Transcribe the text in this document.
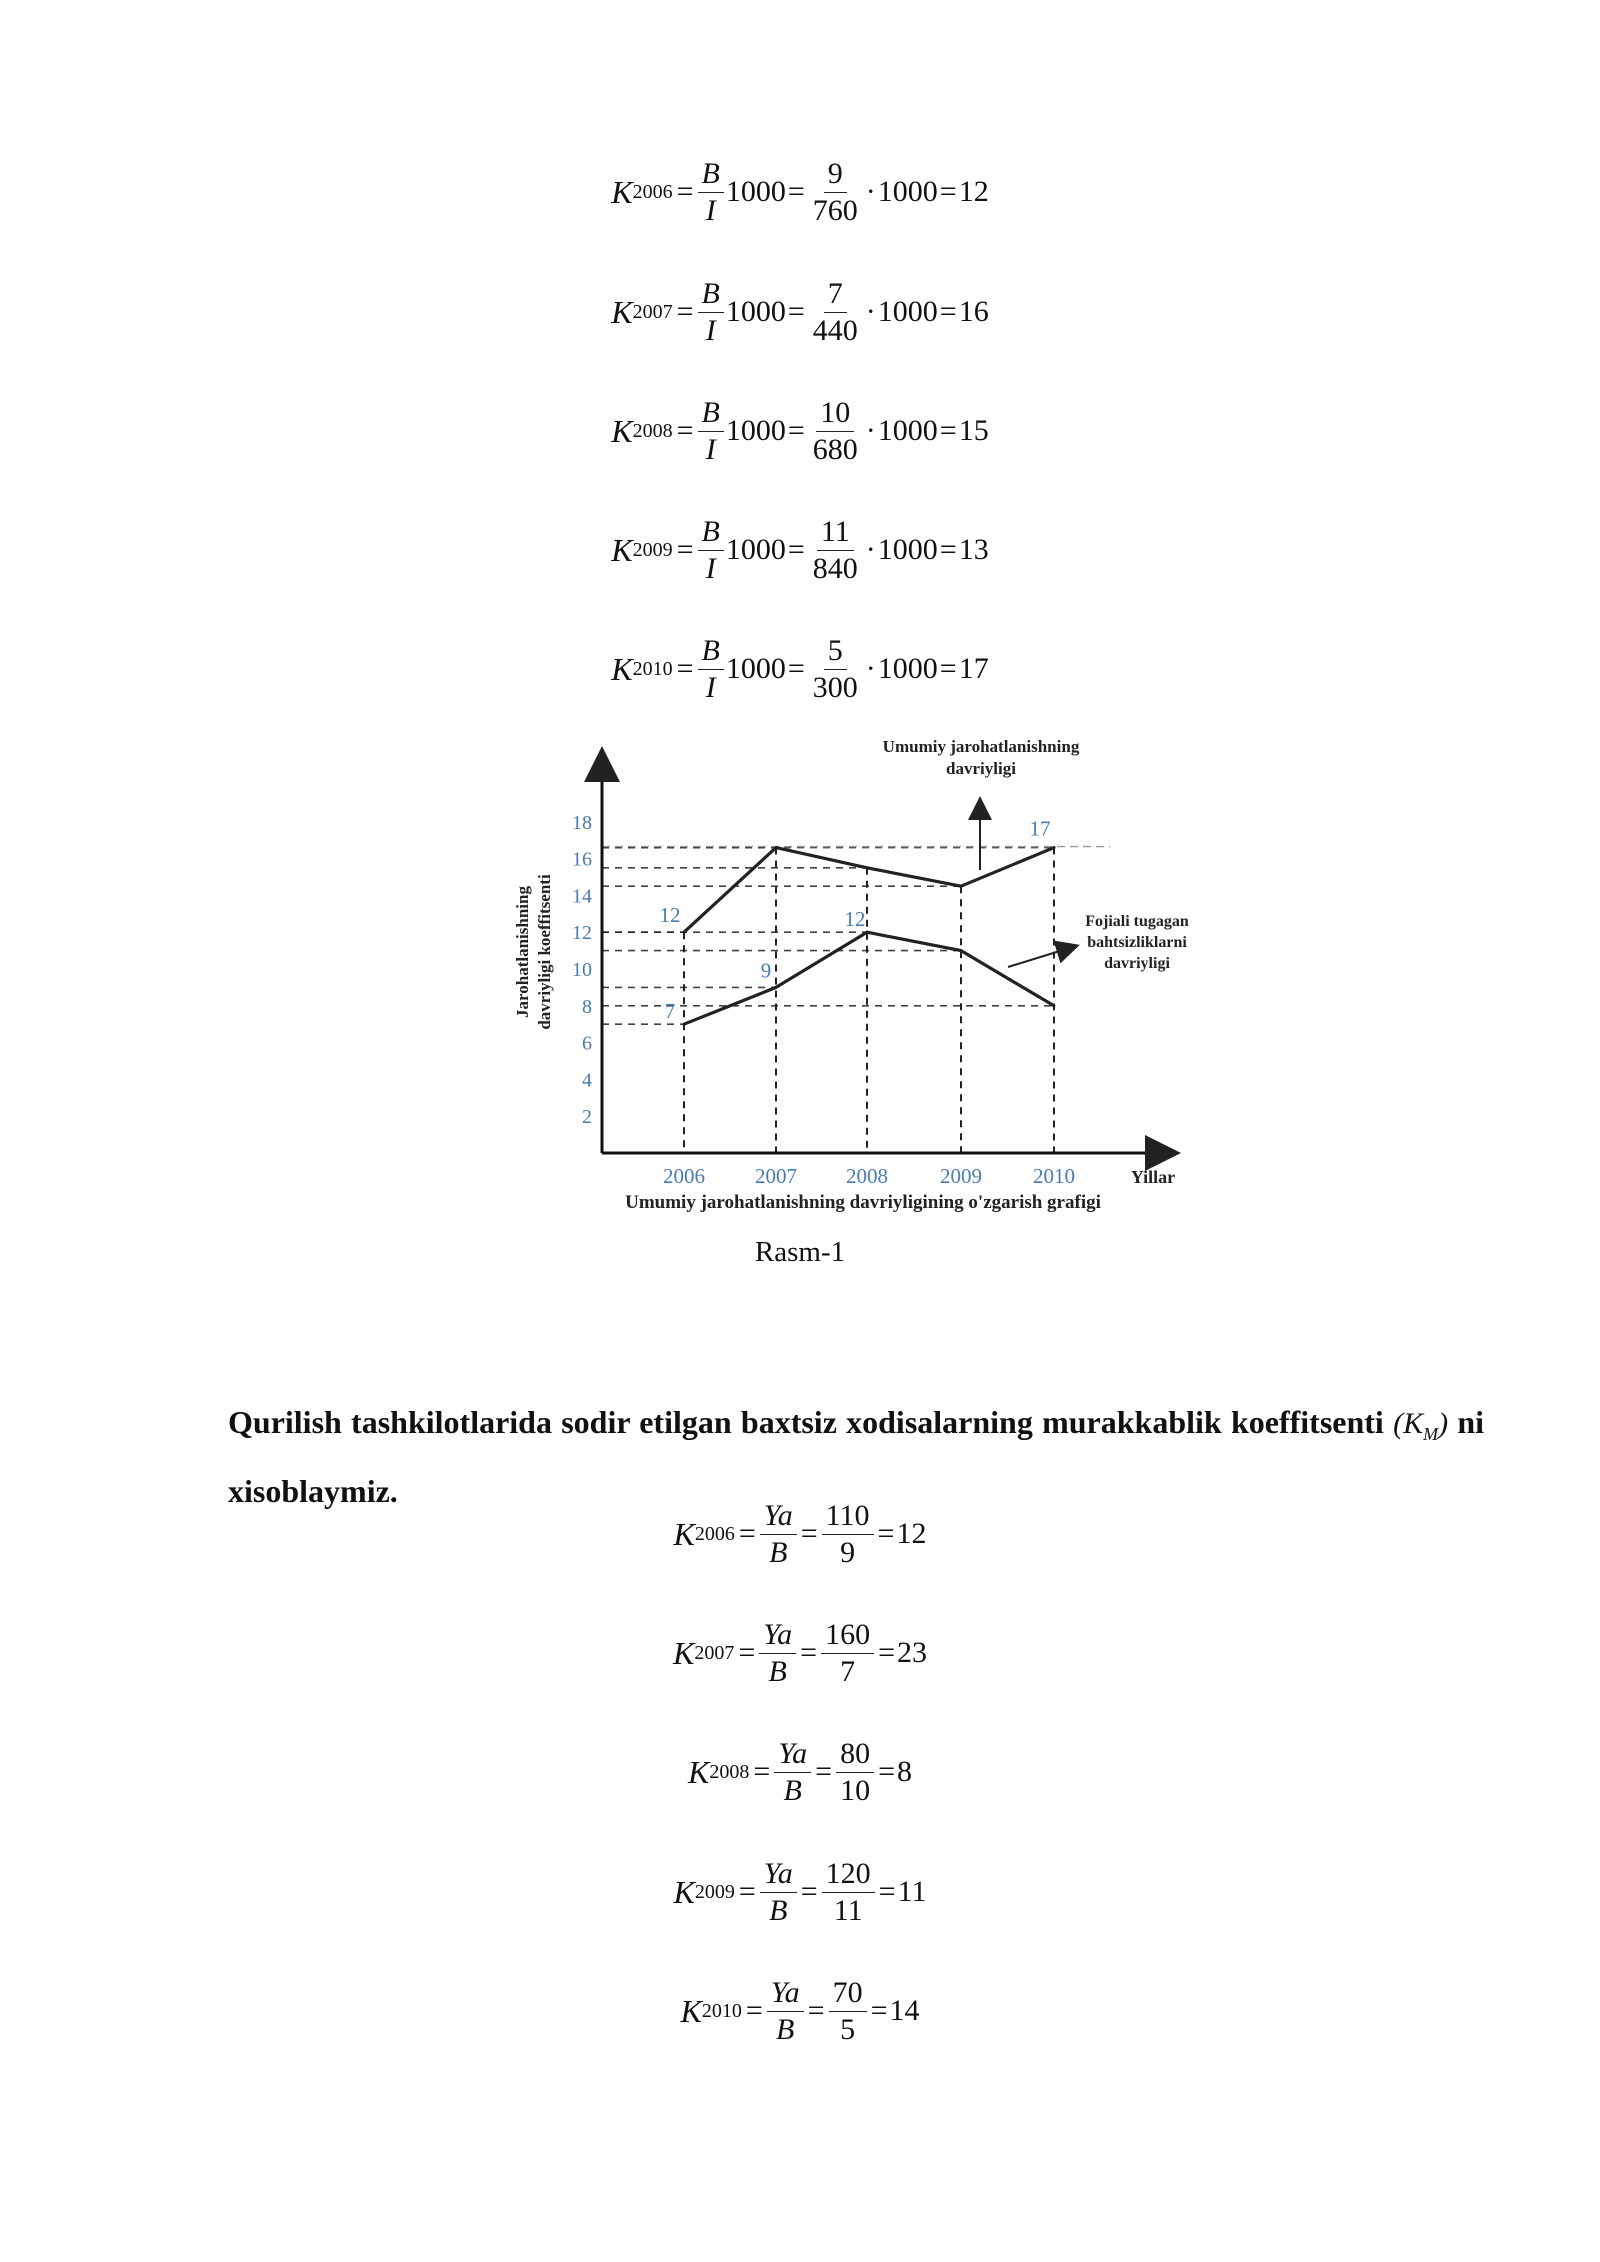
K $2006 = \frac{B}{I} 1000 = \frac{9}{760} \cdot 1000 = 12$
K $2007 = \frac{B}{I} 1000 = \frac{7}{440} \cdot 1000 = 16$
K $2008 = \frac{B}{I} 1000 = \frac{10}{680} \cdot 1000 = 15$
K $2009 = \frac{B}{I} 1000 = \frac{11}{840} \cdot 1000 = 13$
K $2010 = \frac{B}{I} 1000 = \frac{5}{300} \cdot 1000 = 17$
2
4
6
8
10
12
14
16
18
2006 2007 2008 2009 2010
12
17
7
9
12
Umumiy jarohatlanishning
davriyligi
Fojiali tugagan
bahtsizliklarni
davriyligi
Yillar
Jarohatlanishning davriyligi koeffitsenti
Umumiy jarohatlanishning davriyligining o'zgarish grafigi
Rasm-1
Qurilish tashkilotlarida sodir etilgan baxtsiz xodisalarning murakkablik koeffitsenti $(K_M)$ ni xisoblaymiz.
K $2006 = \frac{Ya}{B} = \frac{110}{9} = 12$
K $2007 = \frac{Ya}{B} = \frac{160}{7} = 23$
K $2008 = \frac{Ya}{B} = \frac{80}{10} = 8$
K $2009 = \frac{Ya}{B} = \frac{120}{11} = 11$
K $2010 = \frac{Ya}{B} = \frac{70}{5} = 14$
